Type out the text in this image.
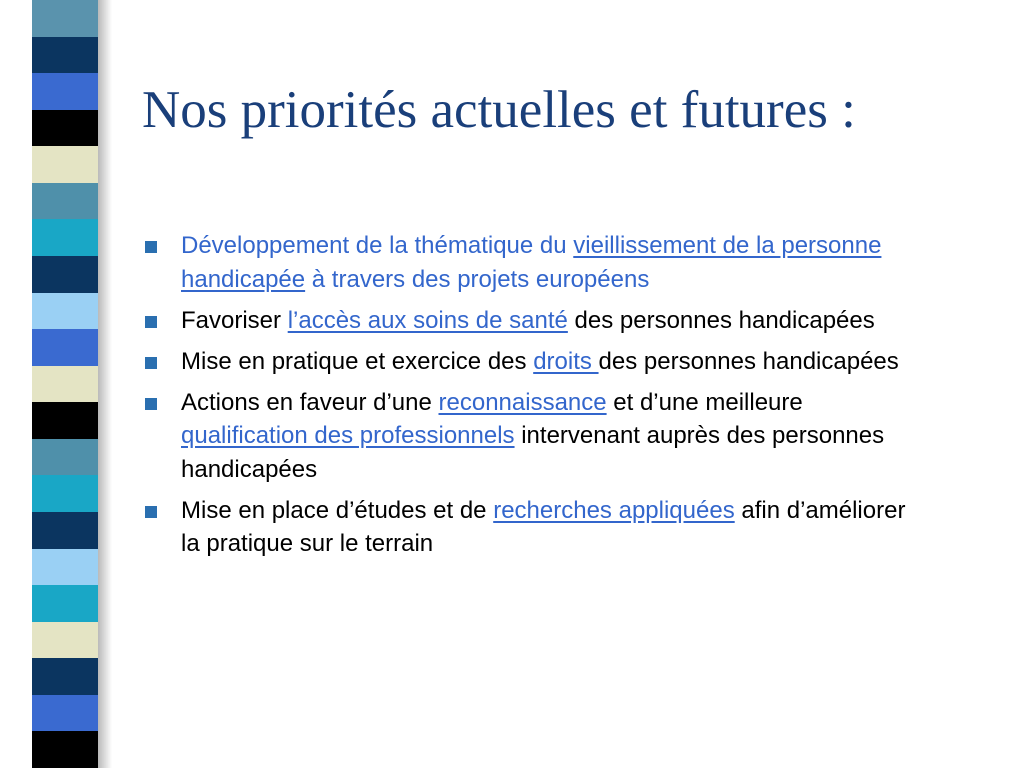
Nos priorités actuelles et futures :
Développement de la thématique du vieillissement de la personne handicapée à travers des projets européens
Favoriser l’accès aux soins de santé des personnes handicapées
Mise en pratique et exercice des droits des personnes handicapées
Actions en faveur d’une reconnaissance et d’une meilleure qualification des professionnels intervenant auprès des personnes handicapées
Mise en place d’études et de recherches appliquées afin d’améliorer la pratique sur le terrain
